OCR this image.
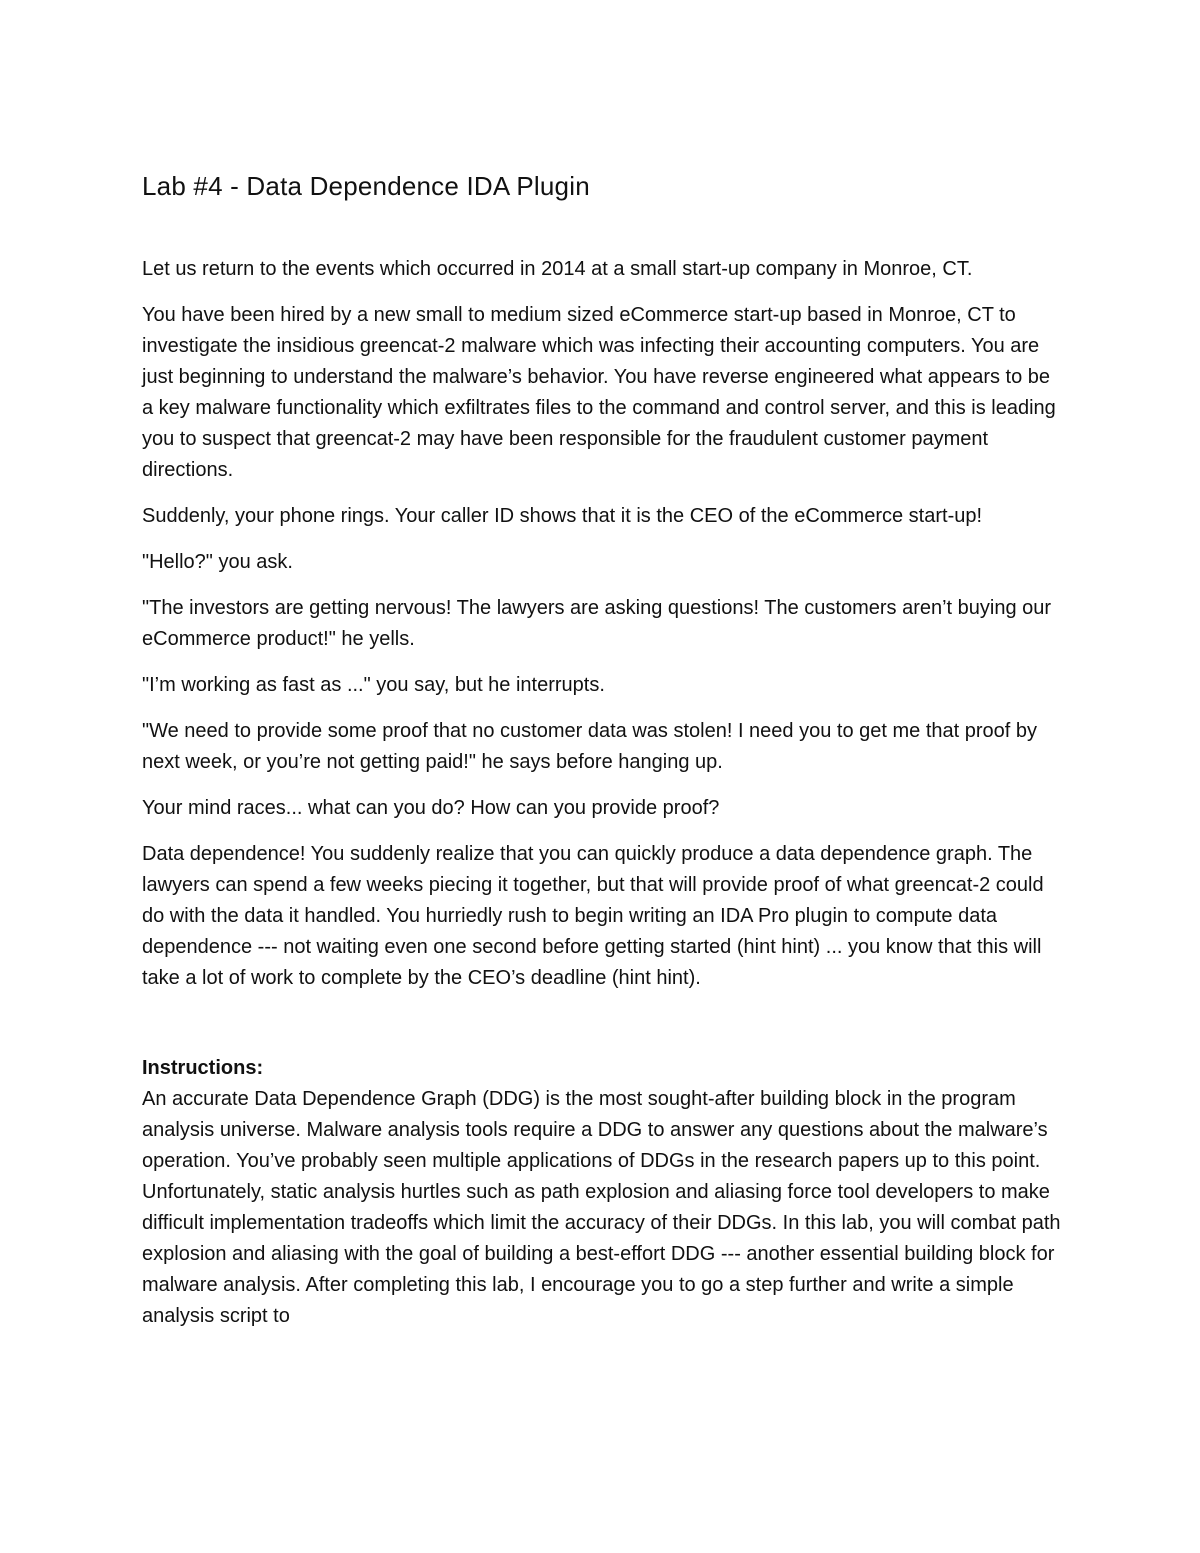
Lab #4 - Data Dependence IDA Plugin

Let us return to the events which occurred in 2014 at a small start-up company in Monroe, CT.

You have been hired by a new small to medium sized eCommerce start-up based in Monroe, CT to investigate the insidious greencat-2 malware which was infecting their accounting computers. You are just beginning to understand the malware’s behavior. You have reverse engineered what appears to be a key malware functionality which exfiltrates files to the command and control server, and this is leading you to suspect that greencat-2 may have been responsible for the fraudulent customer payment directions.

Suddenly, your phone rings. Your caller ID shows that it is the CEO of the eCommerce start-up!

"Hello?" you ask.

"The investors are getting nervous! The lawyers are asking questions! The customers aren’t buying our eCommerce product!" he yells.

"I’m working as fast as ..." you say, but he interrupts.

"We need to provide some proof that no customer data was stolen! I need you to get me that proof by next week, or you’re not getting paid!" he says before hanging up.

Your mind races... what can you do? How can you provide proof?

Data dependence! You suddenly realize that you can quickly produce a data dependence graph. The lawyers can spend a few weeks piecing it together, but that will provide proof of what greencat-2 could do with the data it handled. You hurriedly rush to begin writing an IDA Pro plugin to compute data dependence --- not waiting even one second before getting started (hint hint) ... you know that this will take a lot of work to complete by the CEO’s deadline (hint hint).

Instructions:

An accurate Data Dependence Graph (DDG) is the most sought-after building block in the program analysis universe. Malware analysis tools require a DDG to answer any questions about the malware’s operation. You’ve probably seen multiple applications of DDGs in the research papers up to this point. Unfortunately, static analysis hurtles such as path explosion and aliasing force tool developers to make difficult implementation tradeoffs which limit the accuracy of their DDGs. In this lab, you will combat path explosion and aliasing with the goal of building a best-effort DDG --- another essential building block for malware analysis. After completing this lab, I encourage you to go a step further and write a simple analysis script to
